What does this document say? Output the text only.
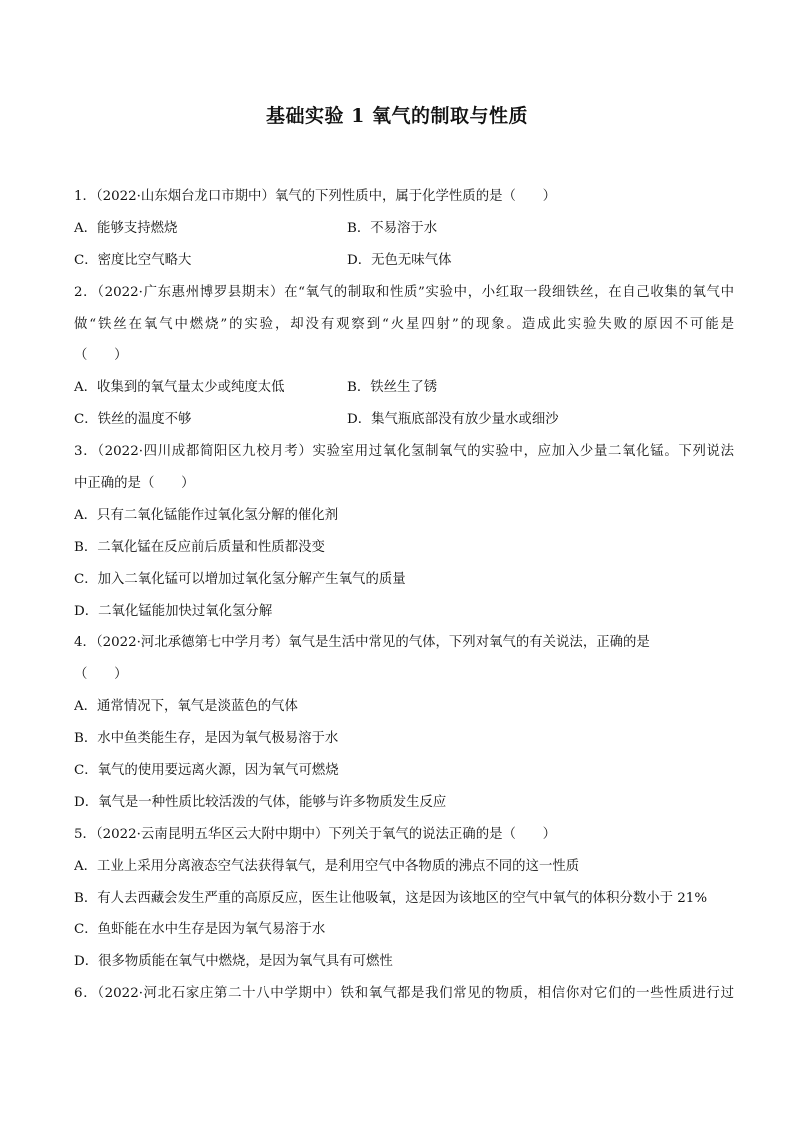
基础实验 1 氧气的制取与性质
1．（2022·山东烟台龙口市期中）氧气的下列性质中，属于化学性质的是（　　）
A．能够支持燃烧	B．不易溶于水
C．密度比空气略大	D．无色无味气体
2．（2022·广东惠州博罗县期末）在“氧气的制取和性质”实验中，小红取一段细铁丝，在自己收集的氧气中
做“铁丝在氧气中燃烧”的实验，却没有观察到“火星四射”的现象。造成此实验失败的原因不可能是
（　　）
A．收集到的氧气量太少或纯度太低	B．铁丝生了锈
C．铁丝的温度不够	D．集气瓶底部没有放少量水或细沙
3．（2022·四川成都简阳区九校月考）实验室用过氧化氢制氧气的实验中，应加入少量二氧化锰。下列说法
中正确的是（　　）
A．只有二氧化锰能作过氧化氢分解的催化剂
B．二氧化锰在反应前后质量和性质都没变
C．加入二氧化锰可以增加过氧化氢分解产生氧气的质量
D．二氧化锰能加快过氧化氢分解
4．（2022·河北承德第七中学月考）氧气是生活中常见的气体，下列对氧气的有关说法，正确的是
（　　）
A．通常情况下，氧气是淡蓝色的气体
B．水中鱼类能生存，是因为氧气极易溶于水
C．氧气的使用要远离火源，因为氧气可燃烧
D．氧气是一种性质比较活泼的气体，能够与许多物质发生反应
5．（2022·云南昆明五华区云大附中期中）下列关于氧气的说法正确的是（　　）
A．工业上采用分离液态空气法获得氧气，是利用空气中各物质的沸点不同的这一性质
B．有人去西藏会发生严重的高原反应，医生让他吸氧，这是因为该地区的空气中氧气的体积分数小于 21%
C．鱼虾能在水中生存是因为氧气易溶于水
D．很多物质能在氧气中燃烧，是因为氧气具有可燃性
6．（2022·河北石家庄第二十八中学期中）铁和氧气都是我们常见的物质，相信你对它们的一些性质进行过
